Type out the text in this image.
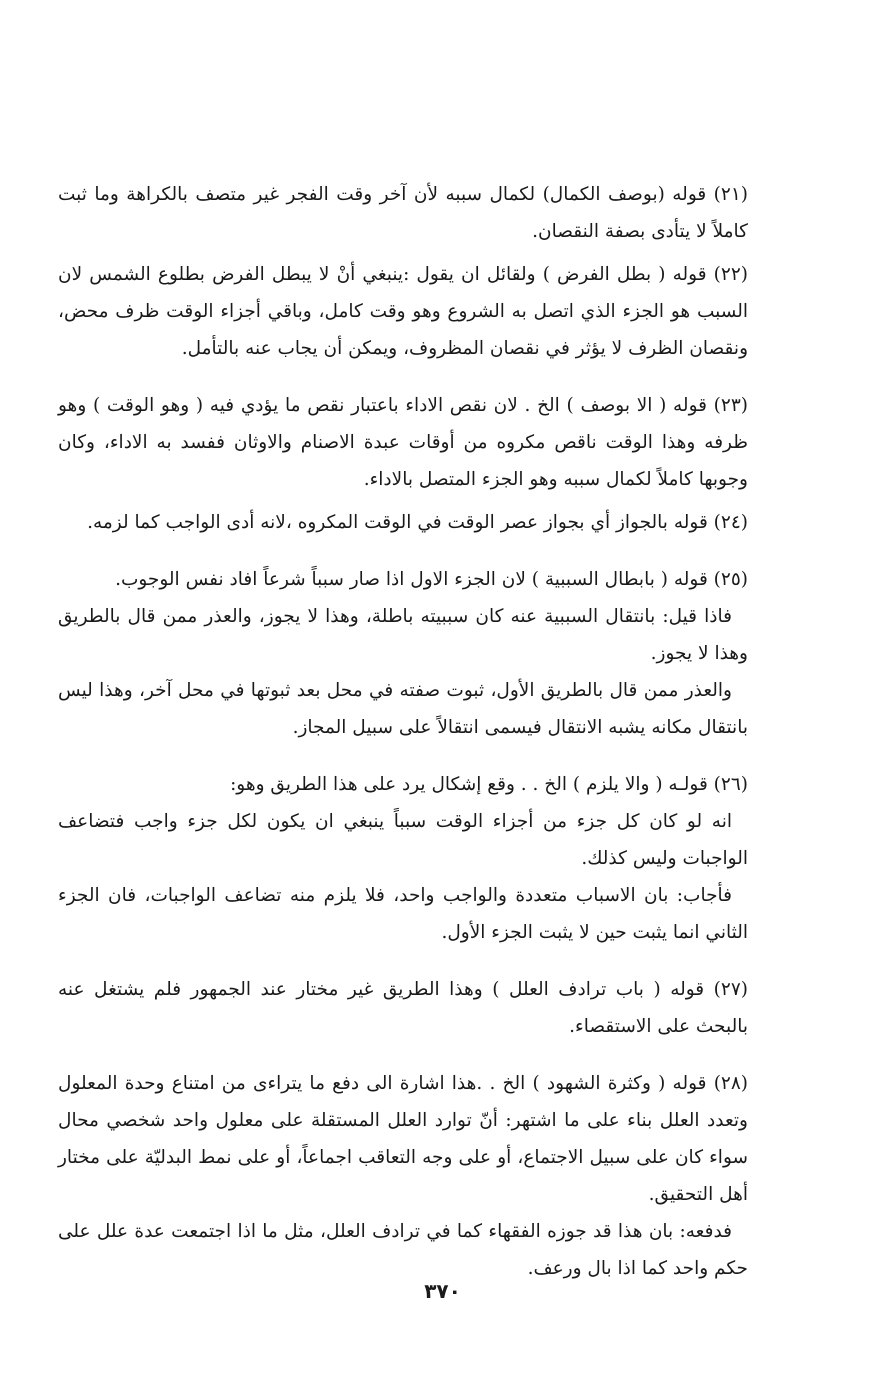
(٢١) قوله (بوصف الكمال) لكمال سببه لأن آخر وقت الفجر غير متصف بالكراهة وما ثبت كاملاً لا يتأدى بصفة النقصان.

(٢٢) قوله ( بطل الفرض ) ولقائل ان يقول :ينبغي أنْ لا يبطل الفرض بطلوع الشمس لان السبب هو الجزء الذي اتصل به الشروع وهو وقت كامل، وباقي أجزاء الوقت ظرف محض، ونقصان الظرف لا يؤثر في نقصان المظروف، ويمكن أن يجاب عنه بالتأمل.

(٢٣) قوله ( الا بوصف ) الخ . لان نقص الاداء باعتبار نقص ما يؤدي فيه ( وهو الوقت ) وهو ظرفه وهذا الوقت ناقص مكروه من أوقات عبدة الاصنام والاوثان ففسد به الاداء، وكان وجوبها كاملاً لكمال سببه وهو الجزء المتصل بالاداء.

(٢٤) قوله بالجواز أي بجواز عصر الوقت في الوقت المكروه ،لانه أدى الواجب كما لزمه.

(٢٥) قوله ( بابطال السببية ) لان الجزء الاول اذا صار سبباً شرعاً افاد نفس الوجوب.

فاذا قيل: بانتقال السببية عنه كان سببيته باطلة، وهذا لا يجوز، والعذر ممن قال بالطريق وهذا لا يجوز.

والعذر ممن قال بالطريق الأول، ثبوت صفته في محل بعد ثبوتها في محل آخر، وهذا ليس بانتقال مكانه يشبه الانتقال فيسمى انتقالاً على سبيل المجاز.

(٢٦) قولـه ( والا يلزم ) الخ . . وقع إشكال يرد على هذا الطريق وهو:

انه لو كان كل جزء من أجزاء الوقت سبباً ينبغي ان يكون لكل جزء واجب فتضاعف الواجبات وليس كذلك.

فأجاب: بان الاسباب متعددة والواجب واحد، فلا يلزم منه تضاعف الواجبات، فان الجزء الثاني انما يثبت حين لا يثبت الجزء الأول.

(٢٧) قوله ( باب ترادف العلل ) وهذا الطريق غير مختار عند الجمهور فلم يشتغل عنه بالبحث على الاستقصاء.

(٢٨) قوله ( وكثرة الشهود ) الخ . .هذا اشارة الى دفع ما يتراءى من امتناع وحدة المعلول وتعدد العلل بناء على ما اشتهر: أنّ توارد العلل المستقلة على معلول واحد شخصي محال سواء كان على سبيل الاجتماع، أو على وجه التعاقب اجماعاً، أو على نمط البدليّة على مختار أهل التحقيق.

فدفعه: بان هذا قد جوزه الفقهاء كما في ترادف العلل، مثل ما اذا اجتمعت عدة علل على حكم واحد كما اذا بال ورعف.

٣٧٠
